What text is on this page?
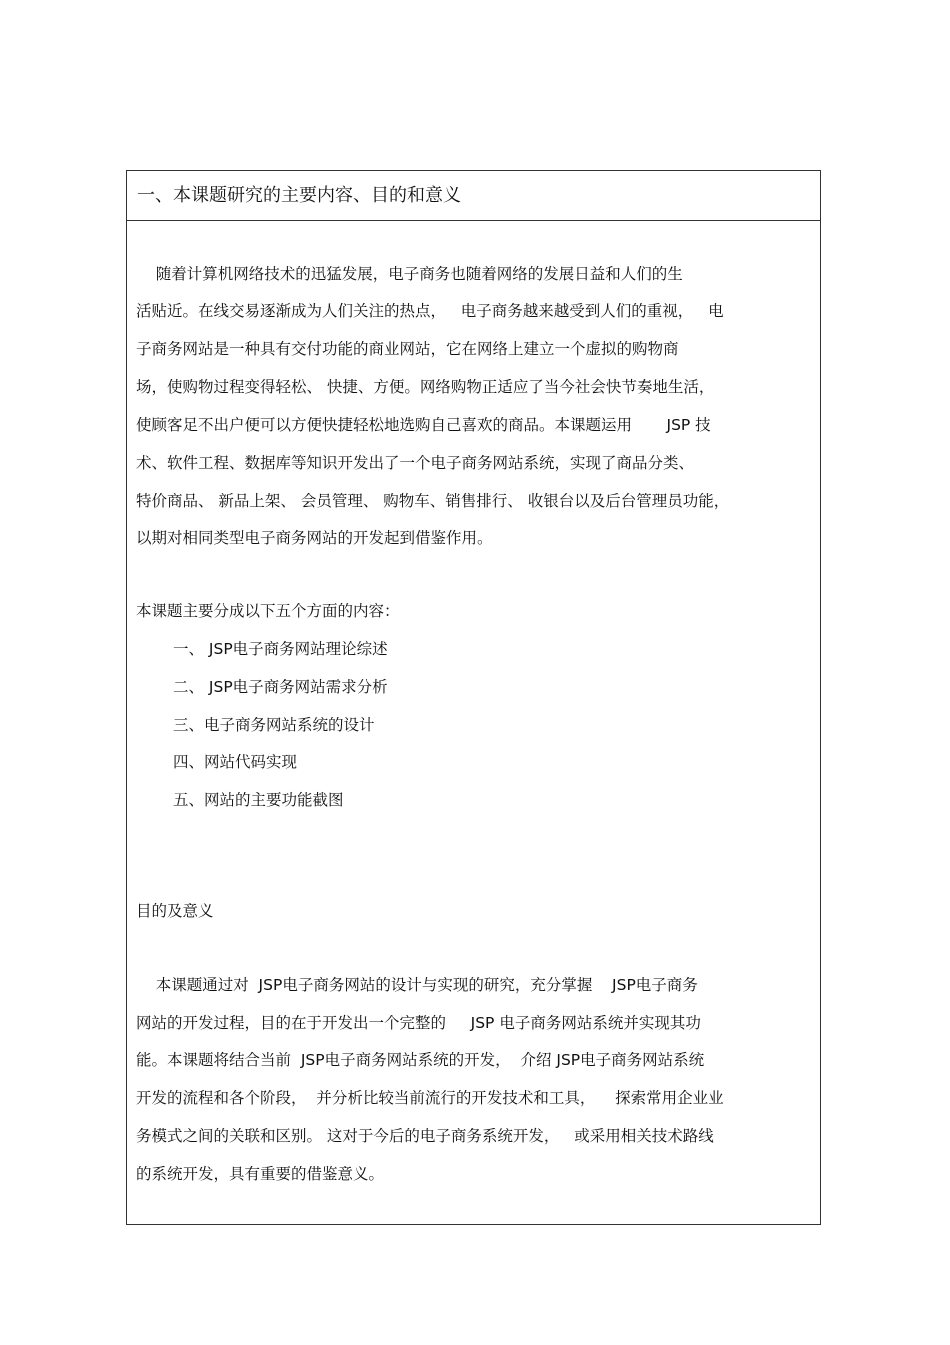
一、本课题研究的主要内容、目的和意义
随着计算机网络技术的迅猛发展，电子商务也随着网络的发展日益和人们的生
活贴近。在线交易逐渐成为人们关注的热点，   电子商务越来越受到人们的重视，   电
子商务网站是一种具有交付功能的商业网站，它在网络上建立一个虚拟的购物商
场，使购物过程变得轻松、 快捷、方便。网络购物正适应了当今社会快节奏地生活，
使顾客足不出户便可以方便快捷轻松地选购自己喜欢的商品。本课题运用       JSP 技
术、软件工程、数据库等知识开发出了一个电子商务网站系统，实现了商品分类、
特价商品、 新品上架、 会员管理、 购物车、销售排行、 收银台以及后台管理员功能，
以期对相同类型电子商务网站的开发起到借鉴作用。
本课题主要分成以下五个方面的内容：
一、 JSP电子商务网站理论综述
二、 JSP电子商务网站需求分析
三、电子商务网站系统的设计
四、网站代码实现
五、网站的主要功能截图
目的及意义
本课题通过对  JSP电子商务网站的设计与实现的研究，充分掌握    JSP电子商务
网站的开发过程，目的在于开发出一个完整的     JSP 电子商务网站系统并实现其功
能。本课题将结合当前  JSP电子商务网站系统的开发，  介绍 JSP电子商务网站系统
开发的流程和各个阶段，  并分析比较当前流行的开发技术和工具，    探索常用企业业
务模式之间的关联和区别。 这对于今后的电子商务系统开发，   或采用相关技术路线
的系统开发，具有重要的借鉴意义。
